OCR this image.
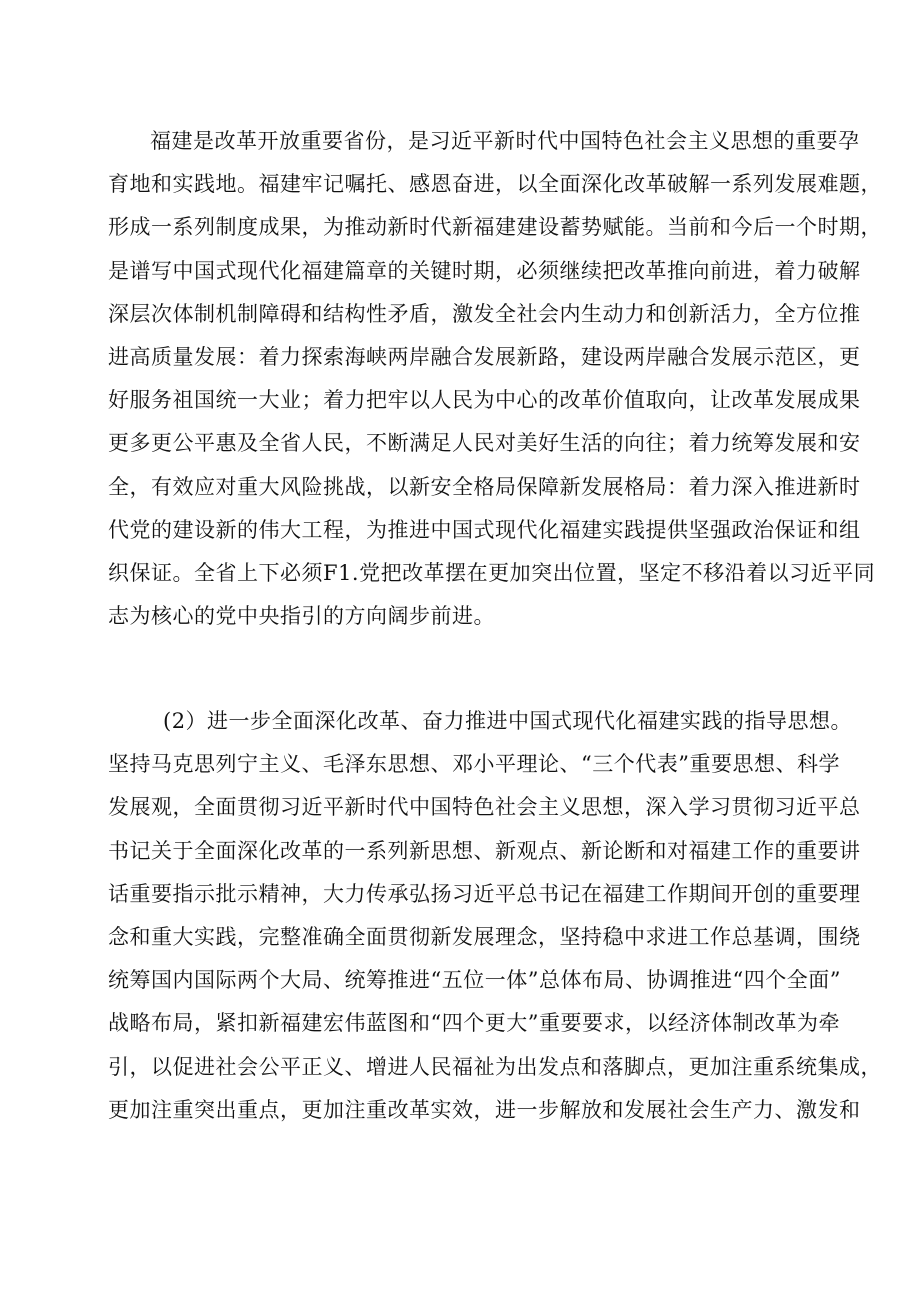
福建是改革开放重要省份，是习近平新时代中国特色社会主义思想的重要孕
育地和实践地。福建牢记嘱托、感恩奋进，以全面深化改革破解一系列发展难题，
形成一系列制度成果，为推动新时代新福建建设蓄势赋能。当前和今后一个时期，
是谱写中国式现代化福建篇章的关键时期，必须继续把改革推向前进，着力破解
深层次体制机制障碍和结构性矛盾，激发全社会内生动力和创新活力，全方位推
进高质量发展：着力探索海峡两岸融合发展新路，建设两岸融合发展示范区，更
好服务祖国统一大业；着力把牢以人民为中心的改革价值取向，让改革发展成果
更多更公平惠及全省人民，不断满足人民对美好生活的向往；着力统筹发展和安
全，有效应对重大风险挑战，以新安全格局保障新发展格局：着力深入推进新时
代党的建设新的伟大工程，为推进中国式现代化福建实践提供坚强政治保证和组
织保证。全省上下必须F1.党把改革摆在更加突出位置，坚定不移沿着以习近平同
志为核心的党中央指引的方向阔步前进。
(2）进一步全面深化改革、奋力推进中国式现代化福建实践的指导思想。
坚持马克思列宁主义、毛泽东思想、邓小平理论、“三个代表”重要思想、科学
发展观，全面贯彻习近平新时代中国特色社会主义思想，深入学习贯彻习近平总
书记关于全面深化改革的一系列新思想、新观点、新论断和对福建工作的重要讲
话重要指示批示精神，大力传承弘扬习近平总书记在福建工作期间开创的重要理
念和重大实践，完整准确全面贯彻新发展理念，坚持稳中求进工作总基调，围绕
统筹国内国际两个大局、统筹推进“五位一体”总体布局、协调推进“四个全面”
战略布局，紧扣新福建宏伟蓝图和“四个更大”重要要求，以经济体制改革为牵
引，以促进社会公平正义、增进人民福祉为出发点和落脚点，更加注重系统集成，
更加注重突出重点，更加注重改革实效，进一步解放和发展社会生产力、激发和
